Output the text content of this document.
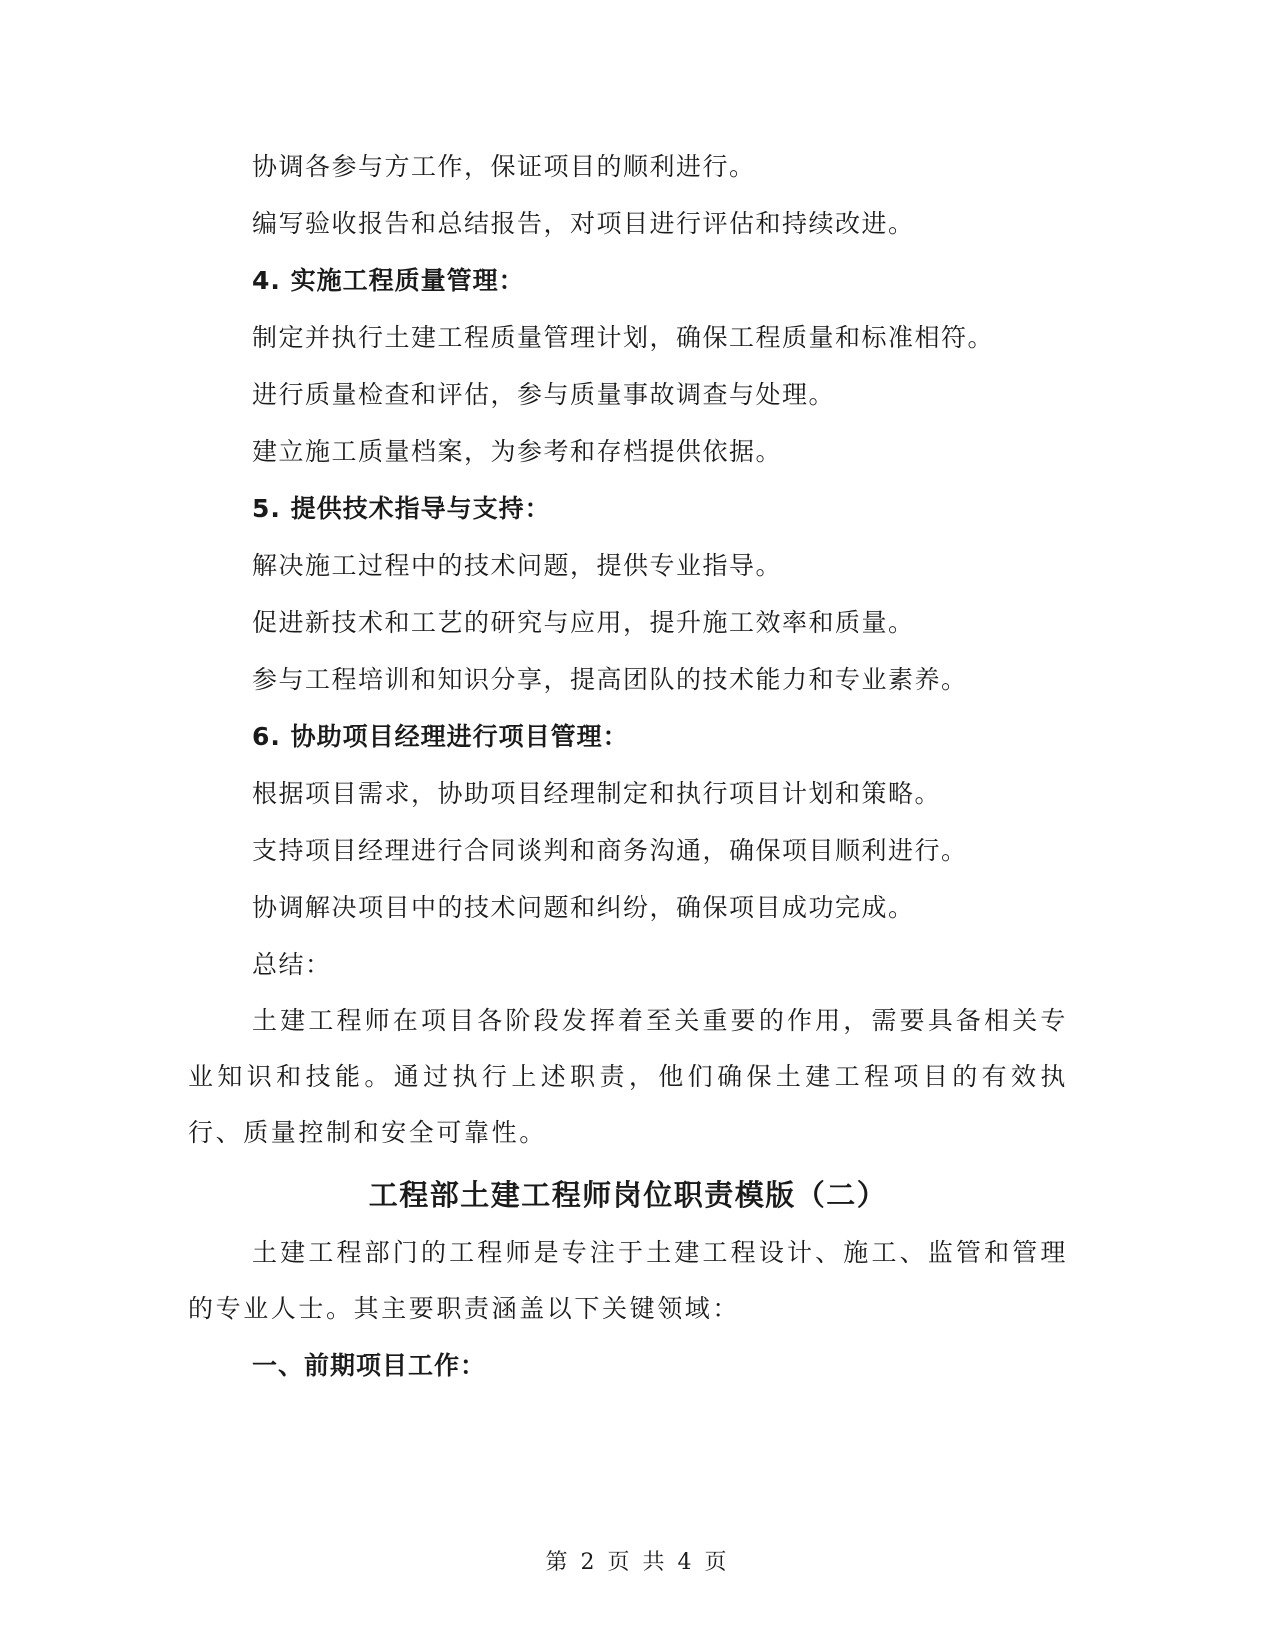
协调各参与方工作，保证项目的顺利进行。
编写验收报告和总结报告，对项目进行评估和持续改进。
4. 实施工程质量管理：
制定并执行土建工程质量管理计划，确保工程质量和标准相符。
进行质量检查和评估，参与质量事故调查与处理。
建立施工质量档案，为参考和存档提供依据。
5. 提供技术指导与支持：
解决施工过程中的技术问题，提供专业指导。
促进新技术和工艺的研究与应用，提升施工效率和质量。
参与工程培训和知识分享，提高团队的技术能力和专业素养。
6. 协助项目经理进行项目管理：
根据项目需求，协助项目经理制定和执行项目计划和策略。
支持项目经理进行合同谈判和商务沟通，确保项目顺利进行。
协调解决项目中的技术问题和纠纷，确保项目成功完成。
总结：

土建工程师在项目各阶段发挥着至关重要的作用，需要具备相关专业知识和技能。通过执行上述职责，他们确保土建工程项目的有效执行、质量控制和安全可靠性。

工程部土建工程师岗位职责模版（二）

土建工程部门的工程师是专注于土建工程设计、施工、监管和管理的专业人士。其主要职责涵盖以下关键领域：

一、前期项目工作：
第 2 页 共 4 页
